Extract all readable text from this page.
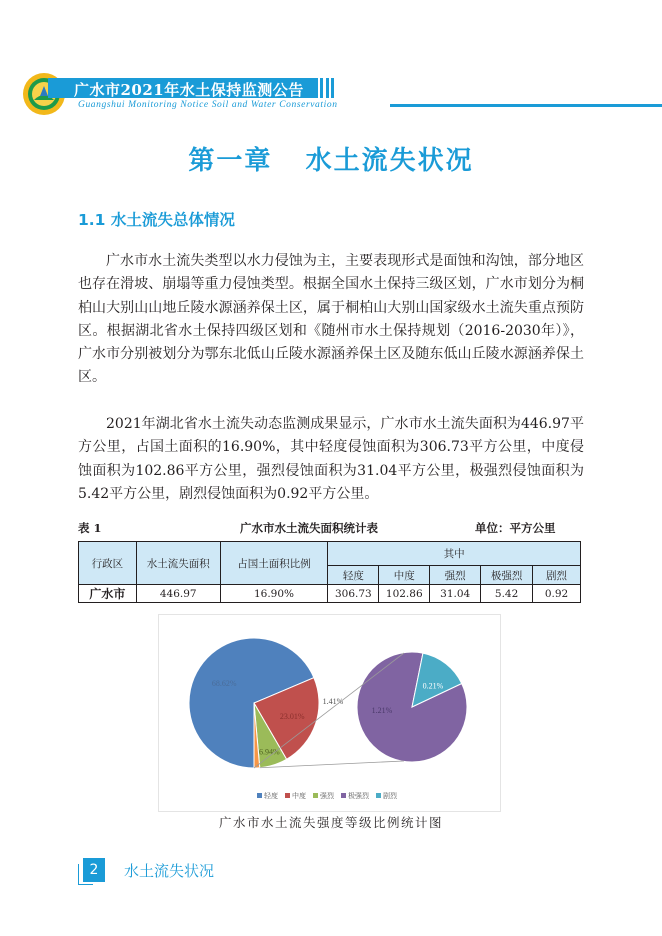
广水市2021年水土保持监测公告
Guangshui Monitoring Notice Soil and Water Conservation
第一章   水土流失状况
1.1 水土流失总体情况

广水市水土流失类型以水力侵蚀为主，主要表现形式是面蚀和沟蚀，部分地区也存在滑坡、崩塌等重力侵蚀类型。根据全国水土保持三级区划，广水市划分为桐柏山大别山山地丘陵水源涵养保土区，属于桐柏山大别山国家级水土流失重点预防区。根据湖北省水土保持四级区划和《随州市水土保持规划（2016-2030年）》，广水市分别被划分为鄂东北低山丘陵水源涵养保土区及随东低山丘陵水源涵养保土区。

2021年湖北省水土流失动态监测成果显示，广水市水土流失面积为446.97平方公里，占国土面积的16.90%，其中轻度侵蚀面积为306.73平方公里，中度侵蚀面积为102.86平方公里，强烈侵蚀面积为31.04平方公里，极强烈侵蚀面积为5.42平方公里，剧烈侵蚀面积为0.92平方公里。

表 1	广水市水土流失面积统计表	单位：平方公里
行政区	水土流失面积	占国土面积比例	其中				
			轻度	中度	强烈	极强烈	剧烈
广水市	446.97	16.90%	306.73	102.86	31.04	5.42	0.92
68.62%
23.01%
6.94%
1.41%
1.21%
0.21%
轻度 中度 强烈 极强烈 剧烈
广水市水土流失强度等级比例统计图
2	水土流失状况
